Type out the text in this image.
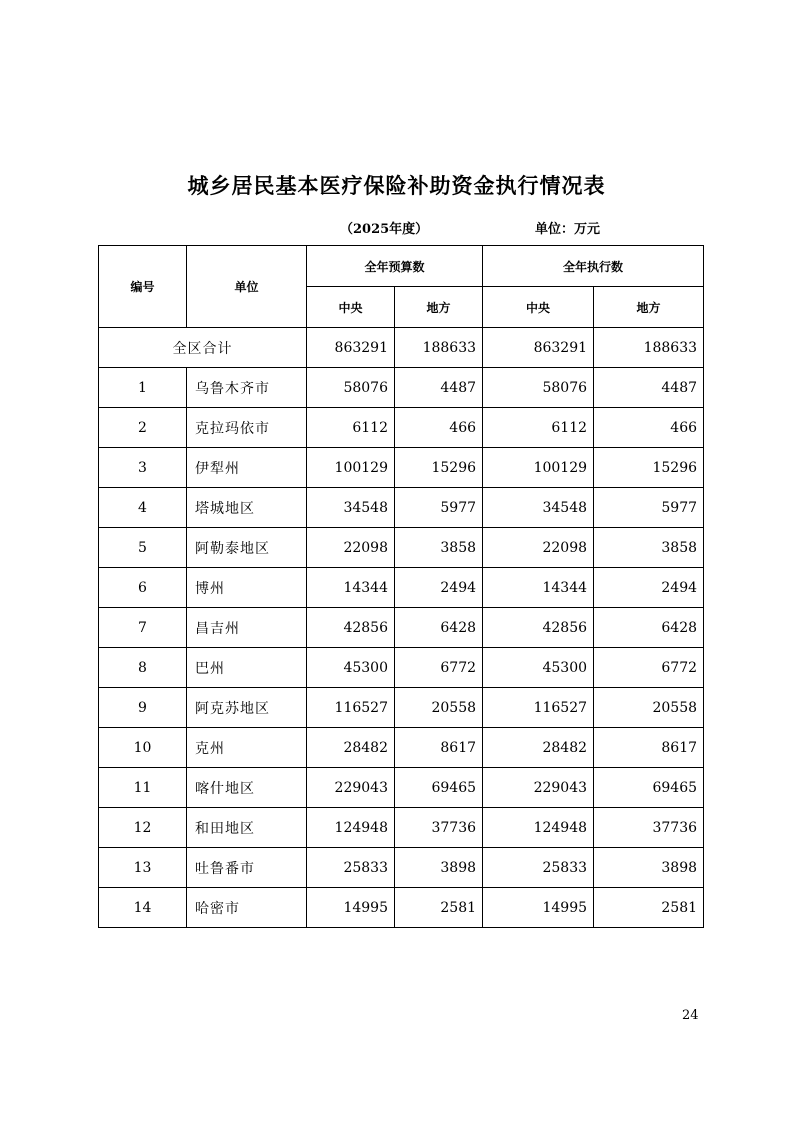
城乡居民基本医疗保险补助资金执行情况表
（2025年度）	单位：万元
编号	单位	全年预算数		全年执行数	
		中央	地方	中央	地方
全区合计		863291	188633	863291	188633
1	乌鲁木齐市	58076	4487	58076	4487
2	克拉玛依市	6112	466	6112	466
3	伊犁州	100129	15296	100129	15296
4	塔城地区	34548	5977	34548	5977
5	阿勒泰地区	22098	3858	22098	3858
6	博州	14344	2494	14344	2494
7	昌吉州	42856	6428	42856	6428
8	巴州	45300	6772	45300	6772
9	阿克苏地区	116527	20558	116527	20558
10	克州	28482	8617	28482	8617
11	喀什地区	229043	69465	229043	69465
12	和田地区	124948	37736	124948	37736
13	吐鲁番市	25833	3898	25833	3898
14	哈密市	14995	2581	14995	2581
24
